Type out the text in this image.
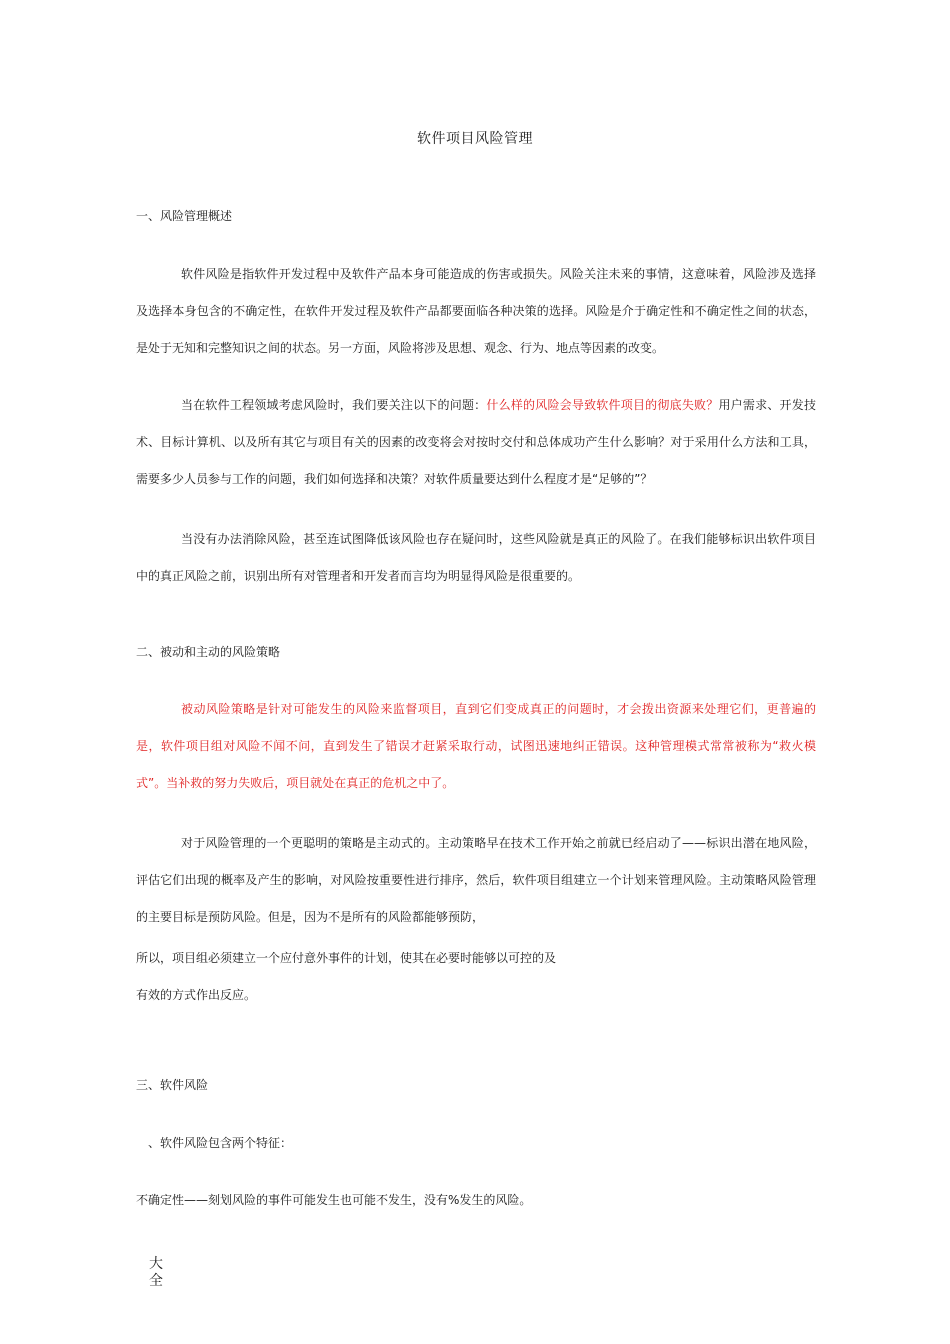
软件项目风险管理
一、风险管理概述
软件风险是指软件开发过程中及软件产品本身可能造成的伤害或损失。风险关注未来的事情，这意味着，风险涉及选择及选择本身包含的不确定性，在软件开发过程及软件产品都要面临各种决策的选择。风险是介于确定性和不确定性之间的状态，是处于无知和完整知识之间的状态。另一方面，风险将涉及思想、观念、行为、地点等因素的改变。
当在软件工程领域考虑风险时，我们要关注以下的问题：什么样的风险会导致软件项目的彻底失败？用户需求、开发技术、目标计算机、以及所有其它与项目有关的因素的改变将会对按时交付和总体成功产生什么影响？对于采用什么方法和工具，需要多少人员参与工作的问题，我们如何选择和决策？对软件质量要达到什么程度才是“足够的”？
当没有办法消除风险，甚至连试图降低该风险也存在疑问时，这些风险就是真正的风险了。在我们能够标识出软件项目中的真正风险之前，识别出所有对管理者和开发者而言均为明显得风险是很重要的。
二、被动和主动的风险策略
被动风险策略是针对可能发生的风险来监督项目，直到它们变成真正的问题时，才会拨出资源来处理它们，更普遍的是，软件项目组对风险不闻不问，直到发生了错误才赶紧采取行动，试图迅速地纠正错误。这种管理模式常常被称为“救火模式”。当补救的努力失败后，项目就处在真正的危机之中了。
对于风险管理的一个更聪明的策略是主动式的。主动策略早在技术工作开始之前就已经启动了——标识出潜在地风险，评估它们出现的概率及产生的影响，对风险按重要性进行排序，然后，软件项目组建立一个计划来管理风险。主动策略风险管理的主要目标是预防风险。但是，因为不是所有的风险都能够预防，
所以，项目组必须建立一个应付意外事件的计划，使其在必要时能够以可控的及
有效的方式作出反应。
三、软件风险
、软件风险包含两个特征：
不确定性——刻划风险的事件可能发生也可能不发生，没有%发生的风险。
大
全
